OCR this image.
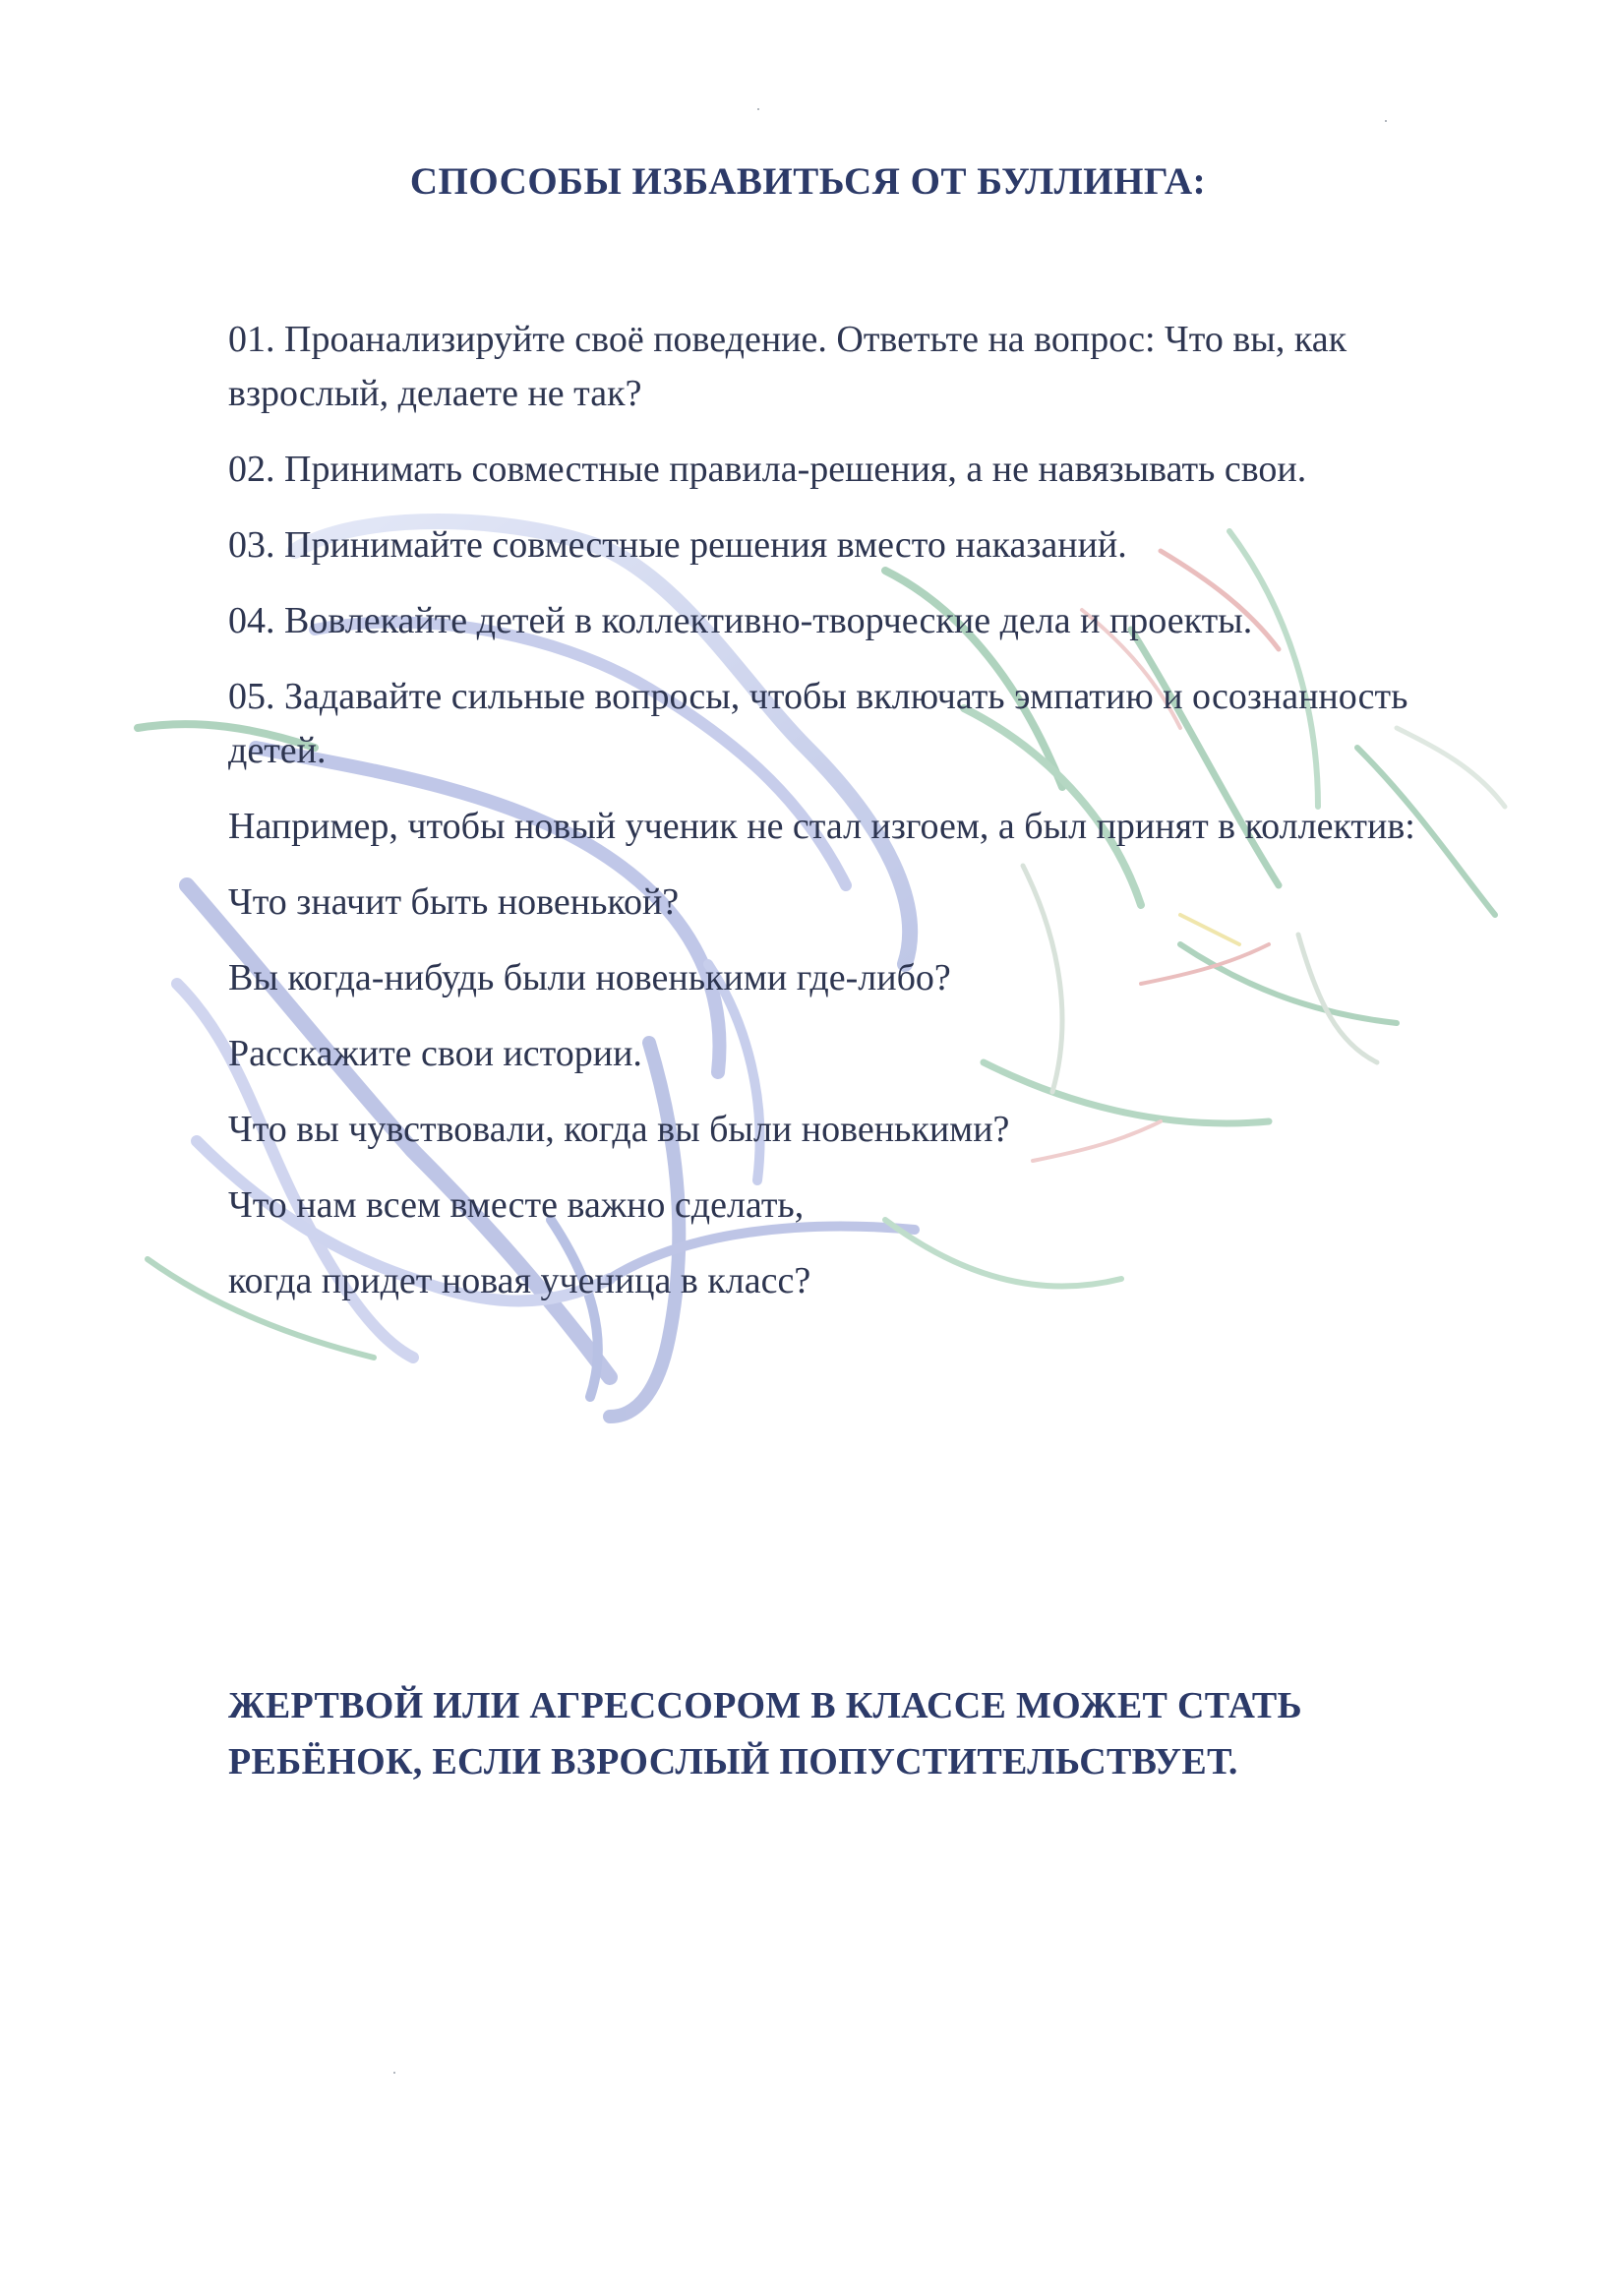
СПОСОБЫ ИЗБАВИТЬСЯ ОТ БУЛЛИНГА:

01. Проанализируйте своё поведение. Ответьте на вопрос: Что вы, как взрослый, делаете не так?

02. Принимать совместные правила-решения, а не навязывать свои.

03. Принимайте совместные решения вместо наказаний.

04. Вовлекайте детей в коллективно-творческие дела и проекты.

05. Задавайте сильные вопросы, чтобы включать эмпатию и осознанность детей.

Например, чтобы новый ученик не стал изгоем, а был принят в коллектив:

Что значит быть новенькой?

Вы когда-нибудь были новенькими где-либо?

Расскажите свои истории.

Что вы чувствовали, когда вы были новенькими?

Что нам всем вместе важно сделать,

когда придет новая ученица в класс?

ЖЕРТВОЙ ИЛИ АГРЕССОРОМ В КЛАССЕ МОЖЕТ СТАТЬ
РЕБЁНОК, ЕСЛИ ВЗРОСЛЫЙ ПОПУСТИТЕЛЬСТВУЕТ.
